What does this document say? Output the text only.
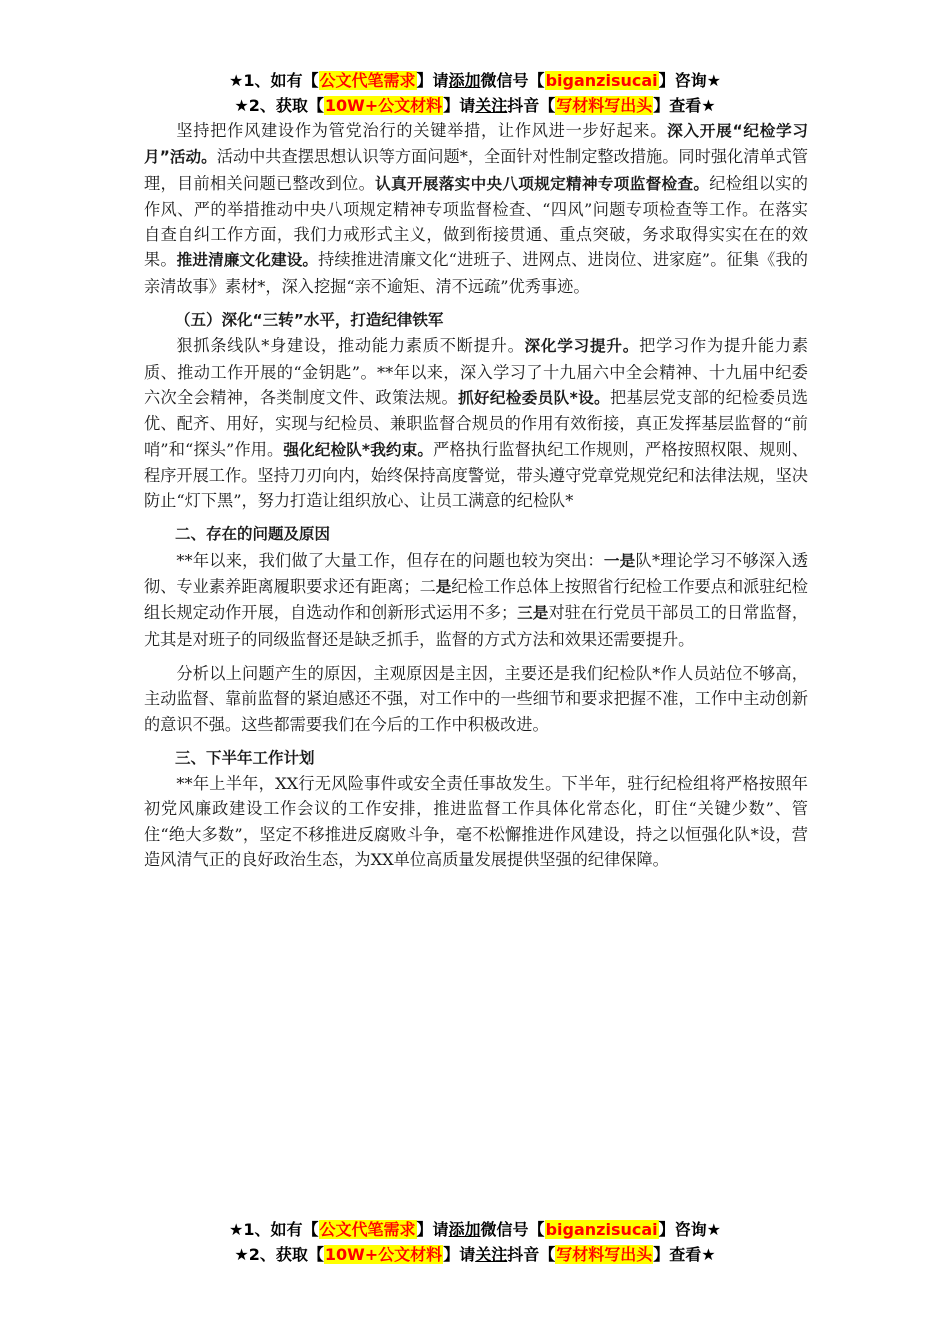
★1、如有【公文代笔需求】请添加微信号【biganzisucai】咨询★
★2、获取【10W+公文材料】请关注抖音【写材料写出头】查看★

坚持把作风建设作为管党治行的关键举措，让作风进一步好起来。深入开展“纪检学习月”活动。活动中共查摆思想认识等方面问题*，全面针对性制定整改措施。同时强化清单式管理，目前相关问题已整改到位。认真开展落实中央八项规定精神专项监督检查。纪检组以实的作风、严的举措推动中央八项规定精神专项监督检查、“四风”问题专项检查等工作。在落实自查自纠工作方面，我们力戒形式主义，做到衔接贯通、重点突破，务求取得实实在在的效果。推进清廉文化建设。持续推进清廉文化“进班子、进网点、进岗位、进家庭”。征集《我的亲清故事》素材*，深入挖掘“亲不逾矩、清不远疏”优秀事迹。

（五）深化“三转”水平，打造纪律铁军

狠抓条线队*身建设，推动能力素质不断提升。深化学习提升。把学习作为提升能力素质、推动工作开展的“金钥匙”。**年以来，深入学习了十九届六中全会精神、十九届中纪委六次全会精神，各类制度文件、政策法规。抓好纪检委员队*设。把基层党支部的纪检委员选优、配齐、用好，实现与纪检员、兼职监督合规员的作用有效衔接，真正发挥基层监督的“前哨”和“探头”作用。强化纪检队*我约束。严格执行监督执纪工作规则，严格按照权限、规则、程序开展工作。坚持刀刃向内，始终保持高度警觉，带头遵守党章党规党纪和法律法规，坚决防止“灯下黑”，努力打造让组织放心、让员工满意的纪检队*

二、存在的问题及原因

**年以来，我们做了大量工作，但存在的问题也较为突出：一是队*理论学习不够深入透彻、专业素养距离履职要求还有距离；二是纪检工作总体上按照省行纪检工作要点和派驻纪检组长规定动作开展，自选动作和创新形式运用不多；三是对驻在行党员干部员工的日常监督，尤其是对班子的同级监督还是缺乏抓手，监督的方式方法和效果还需要提升。

分析以上问题产生的原因，主观原因是主因，主要还是我们纪检队*作人员站位不够高，主动监督、靠前监督的紧迫感还不强，对工作中的一些细节和要求把握不准，工作中主动创新的意识不强。这些都需要我们在今后的工作中积极改进。

三、下半年工作计划

**年上半年，XX行无风险事件或安全责任事故发生。下半年，驻行纪检组将严格按照年初党风廉政建设工作会议的工作安排，推进监督工作具体化常态化，盯住“关键少数”、管住“绝大多数”，坚定不移推进反腐败斗争，毫不松懈推进作风建设，持之以恒强化队*设，营造风清气正的良好政治生态，为XX单位高质量发展提供坚强的纪律保障。

★1、如有【公文代笔需求】请添加微信号【biganzisucai】咨询★
★2、获取【10W+公文材料】请关注抖音【写材料写出头】查看★
